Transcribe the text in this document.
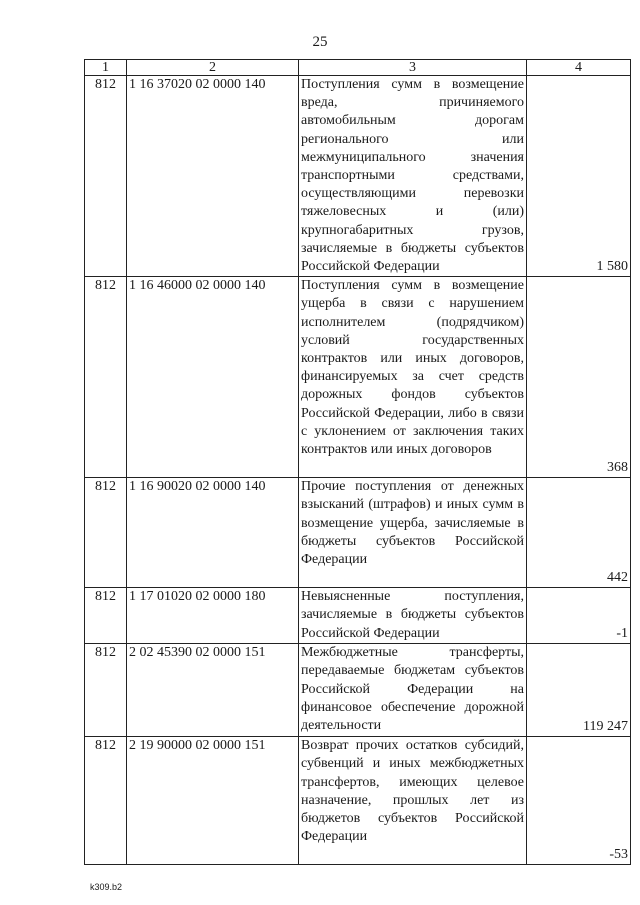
25
1	2	3	4
812	1 16 37020 02 0000 140	Поступления сумм в возмещение вреда, причиняемого автомобильным дорогам регионального или межмуниципального значения транспортными средствами, осуществляющими перевозки тяжеловесных и (или) крупногабаритных грузов, зачисляемые в бюджеты субъектов Российской Федерации	1 580
812	1 16 46000 02 0000 140	Поступления сумм в возмещение ущерба в связи с нарушением исполнителем (подрядчиком) условий государственных контрактов или иных договоров, финансируемых за счет средств дорожных фондов субъектов Российской Федерации, либо в связи с уклонением от заключения таких контрактов или иных договоров	368
812	1 16 90020 02 0000 140	Прочие поступления от денежных взысканий (штрафов) и иных сумм в возмещение ущерба, зачисляемые в бюджеты субъектов Российской Федерации	442
812	1 17 01020 02 0000 180	Невыясненные поступления, зачисляемые в бюджеты субъектов Российской Федерации	-1
812	2 02 45390 02 0000 151	Межбюджетные трансферты, передаваемые бюджетам субъектов Российской Федерации на финансовое обеспечение дорожной деятельности	119 247
812	2 19 90000 02 0000 151	Возврат прочих остатков субсидий, субвенций и иных межбюджетных трансфертов, имеющих целевое назначение, прошлых лет из бюджетов субъектов Российской Федерации	-53
k309.b2
